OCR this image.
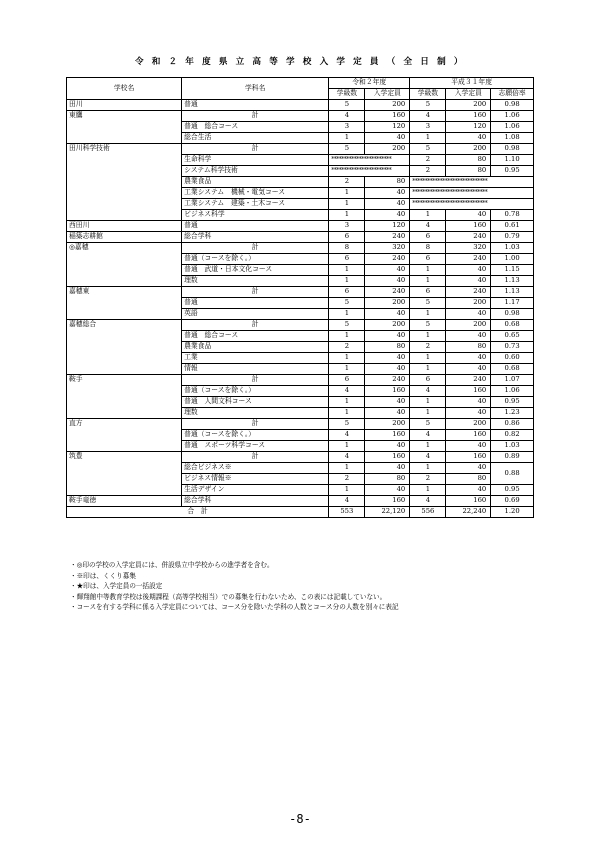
令 和 ２ 年 度 県 立 高 等 学 校 入 学 定 員 （ 全 日 制 ）
学校名	学科名	令和２年度		平成３１年度		
		学級数	入学定員	学級数	入学定員	志願倍率
田川	普通	5	200	5	200	0.98
東鷹	計	4	160	4	160	1.06
	普通　総合コース	3	120	3	120	1.06
	総合生活	1	40	1	40	1.08
田川科学技術	計	5	200	5	200	0.98
	生命科学	************************		2	80	1.10
	システム科学技術	************************		2	80	0.95
	農業食品	2	80	******************************		
	工業システム　機械・電気コース	1	40	******************************		
	工業システム　建築・土木コース	1	40	******************************		
	ビジネス科学	1	40	1	40	0.78
西田川	普通	3	120	4	160	0.61
稲築志耕館	総合学科	6	240	6	240	0.79
◎嘉穂	計	8	320	8	320	1.03
	普通（コースを除く。）	6	240	6	240	1.00
	普通　武道・日本文化コース	1	40	1	40	1.15
	理数	1	40	1	40	1.13
嘉穂東	計	6	240	6	240	1.13
	普通	5	200	5	200	1.17
	英語	1	40	1	40	0.98
嘉穂総合	計	5	200	5	200	0.68
	普通　総合コース	1	40	1	40	0.65
	農業食品	2	80	2	80	0.73
	工業	1	40	1	40	0.60
	情報	1	40	1	40	0.68
鞍手	計	6	240	6	240	1.07
	普通（コースを除く。）	4	160	4	160	1.06
	普通　人間文科コース	1	40	1	40	0.95
	理数	1	40	1	40	1.23
直方	計	5	200	5	200	0.86
	普通（コースを除く。）	4	160	4	160	0.82
	普通　スポーツ科学コース	1	40	1	40	1.03
筑豊	計	4	160	4	160	0.89
	総合ビジネス※	1	40	1	40	0.88
	ビジネス情報※	2	80	2	80	
	生活デザイン	1	40	1	40	0.95
鞍手竜徳	総合学科	4	160	4	160	0.69
合　計		553	22,120	556	22,240	1.20
・◎印の学校の入学定員には、併設県立中学校からの進学者を含む。
・※印は、くくり募集
・★印は、入学定員の一括設定
・輝翔館中等教育学校は後期課程（高等学校相当）での募集を行わないため、この表には記載していない。
・コースを有する学科に係る入学定員については、コース分を除いた学科の人数とコース分の人数を別々に表記
-8-
